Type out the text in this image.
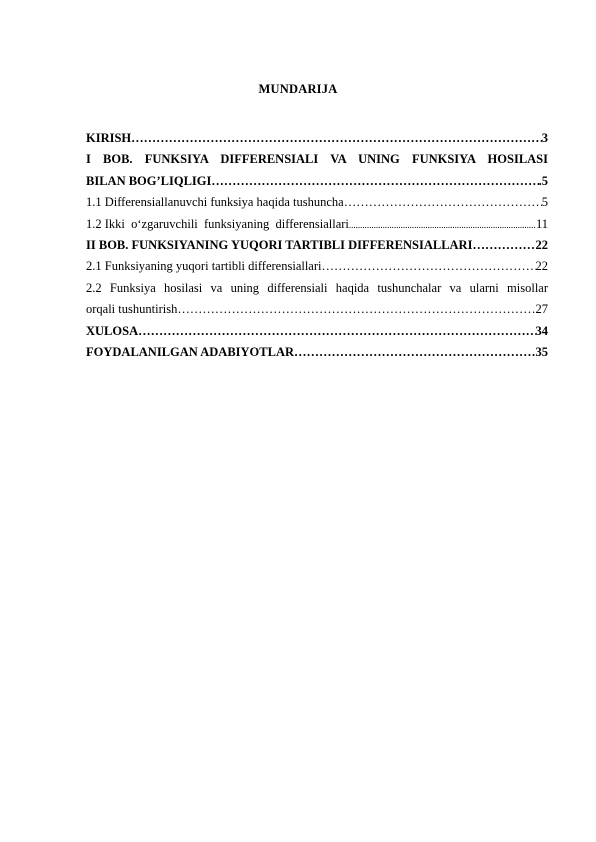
MUNDARIJA
KIRISH ……………………………………………………………………………………………………………………………………………	3
I BOB. FUNKSIYA DIFFERENSIALI VA UNING FUNKSIYA HOSILASI
BILAN BOG’LIQLIGI ……………………………………………………………………………………………………………………………………………	.5
1.1 Differensiallanuvchi funksiya haqida tushuncha ……………………………………………………………………………………………………………………………………………	5
1.2 Ikki  o‘zgaruvchili  funksiyaning  differensiallari .....	11
II BOB. FUNKSIYANING YUQORI TARTIBLI DIFFERENSIALLARI ……………………………………………………………………………………………………………………………………………	22
2.1 Funksiyaning yuqori tartibli differensiallari ……………………………………………………………………………………………………………………………………………	22
2.2 Funksiya hosilasi va uning differensiali haqida tushunchalar va ularni misollar
orqali tushuntirish ……………………………………………………………………………………………………………………………………………	27
XULOSA ……………………………………………………………………………………………………………………………………………	34
FOYDALANILGAN ADABIYOTLAR ……………………………………………………………………………………………………………………………………………	35
